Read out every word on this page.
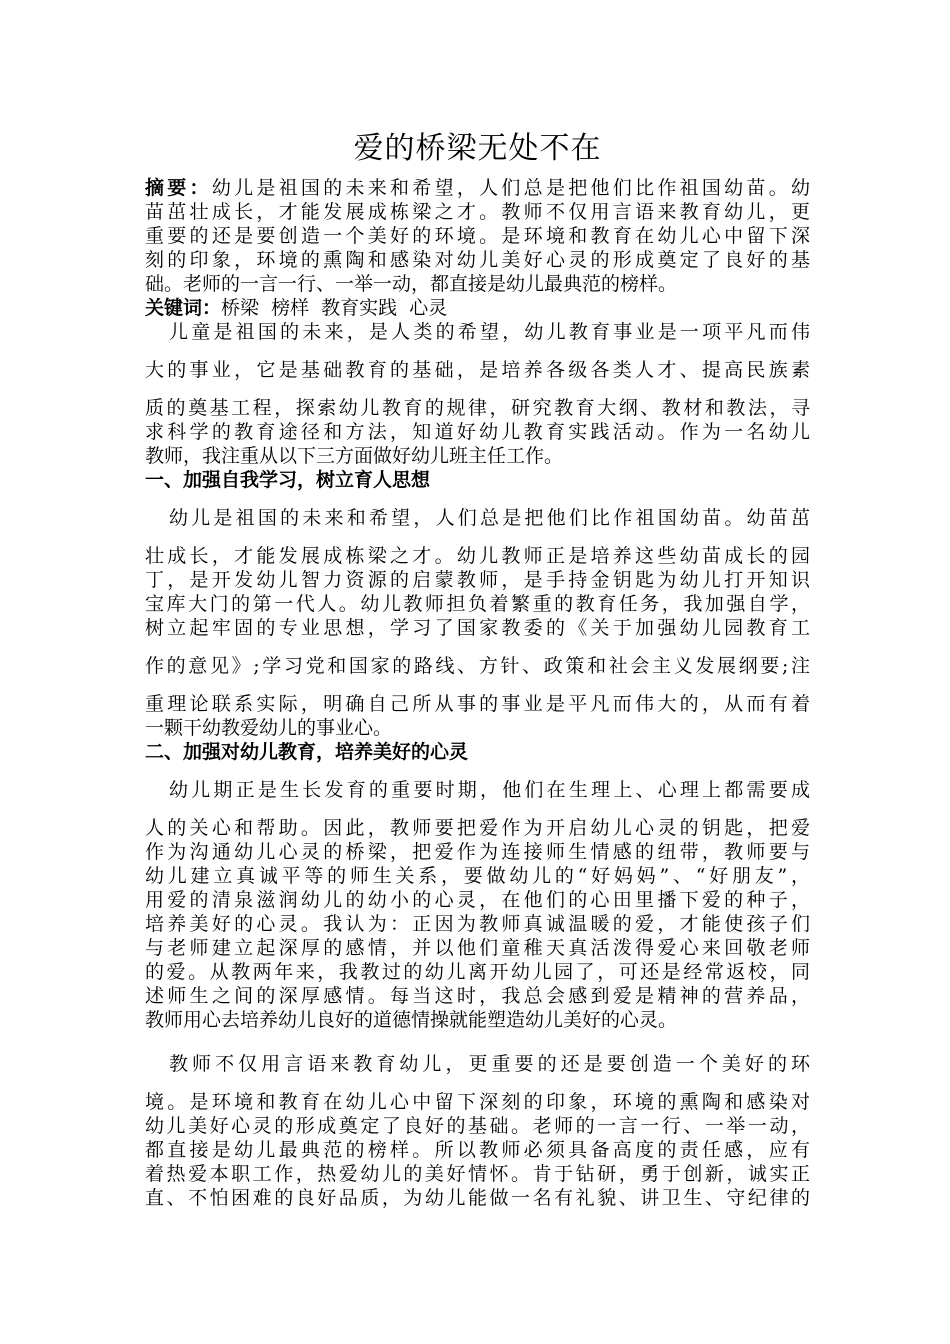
爱的桥梁无处不在

摘要：幼儿是祖国的未来和希望，人们总是把他们比作祖国幼苗。幼

苗茁壮成长，才能发展成栋梁之才。教师不仅用言语来教育幼儿，更

重要的还是要创造一个美好的环境。是环境和教育在幼儿心中留下深

刻的印象，环境的熏陶和感染对幼儿美好心灵的形成奠定了良好的基

础。老师的一言一行、一举一动，都直接是幼儿最典范的榜样。

关键词：桥梁  榜样  教育实践  心灵

儿童是祖国的未来，是人类的希望，幼儿教育事业是一项平凡而伟

大的事业，它是基础教育的基础，是培养各级各类人才、提高民族素

质的奠基工程，探索幼儿教育的规律，研究教育大纲、教材和教法，寻

求科学的教育途径和方法，知道好幼儿教育实践活动。作为一名幼儿

教师，我注重从以下三方面做好幼儿班主任工作。

一、加强自我学习，树立育人思想

幼儿是祖国的未来和希望，人们总是把他们比作祖国幼苗。幼苗茁

壮成长，才能发展成栋梁之才。幼儿教师正是培养这些幼苗成长的园

丁，是开发幼儿智力资源的启蒙教师，是手持金钥匙为幼儿打开知识

宝库大门的第一代人。幼儿教师担负着繁重的教育任务，我加强自学，

树立起牢固的专业思想，学习了国家教委的《关于加强幼儿园教育工

作的意见》;学习党和国家的路线、方针、政策和社会主义发展纲要;注

重理论联系实际，明确自己所从事的事业是平凡而伟大的，从而有着

一颗干幼教爱幼儿的事业心。

二、加强对幼儿教育，培养美好的心灵

幼儿期正是生长发育的重要时期，他们在生理上、心理上都需要成

人的关心和帮助。因此，教师要把爱作为开启幼儿心灵的钥匙，把爱

作为沟通幼儿心灵的桥梁，把爱作为连接师生情感的纽带，教师要与

幼儿建立真诚平等的师生关系，要做幼儿的“好妈妈”、“好朋友”，

用爱的清泉滋润幼儿的幼小的心灵，在他们的心田里播下爱的种子，

培养美好的心灵。我认为：正因为教师真诚温暖的爱，才能使孩子们

与老师建立起深厚的感情，并以他们童稚天真活泼得爱心来回敬老师

的爱。从教两年来，我教过的幼儿离开幼儿园了，可还是经常返校，同

述师生之间的深厚感情。每当这时，我总会感到爱是精神的营养品，

教师用心去培养幼儿良好的道德情操就能塑造幼儿美好的心灵。

教师不仅用言语来教育幼儿，更重要的还是要创造一个美好的环

境。是环境和教育在幼儿心中留下深刻的印象，环境的熏陶和感染对

幼儿美好心灵的形成奠定了良好的基础。老师的一言一行、一举一动，

都直接是幼儿最典范的榜样。所以教师必须具备高度的责任感，应有

着热爱本职工作，热爱幼儿的美好情怀。肯于钻研，勇于创新，诚实正

直、不怕困难的良好品质，为幼儿能做一名有礼貌、讲卫生、守纪律的
